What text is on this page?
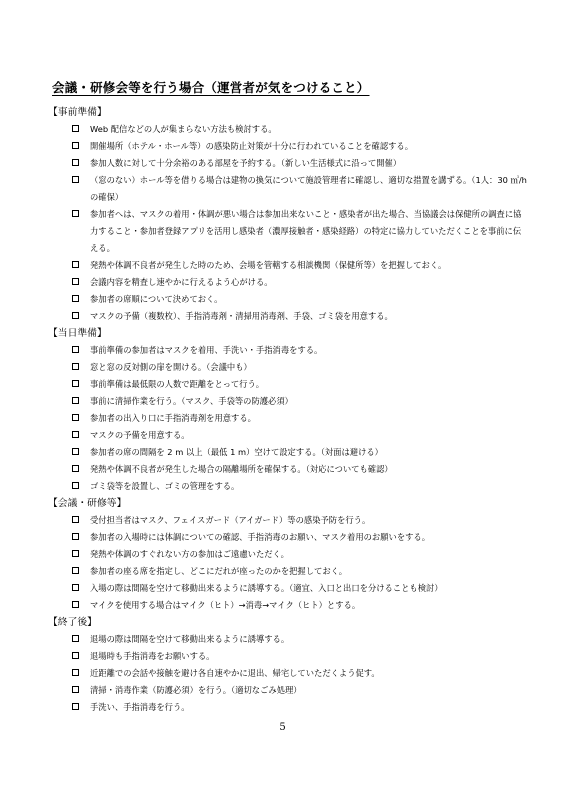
会議・研修会等を行う場合（運営者が気をつけること）
【事前準備】
Web 配信などの人が集まらない方法も検討する。
開催場所（ホテル・ホール等）の感染防止対策が十分に行われていることを確認する。
参加人数に対して十分余裕のある部屋を予約する。（新しい生活様式に沿って開催）
（窓のない）ホール等を借りる場合は建物の換気について施設管理者に確認し、適切な措置を講ずる。（1人：30 ㎥/h の確保）
参加者へは、マスクの着用・体調が悪い場合は参加出来ないこと・感染者が出た場合、当協議会は保健所の調査に協力すること・参加者登録アプリを活用し感染者（濃厚接触者・感染経路）の特定に協力していただくことを事前に伝える。
発熱や体調不良者が発生した時のため、会場を管轄する相談機関（保健所等）を把握しておく。
会議内容を精査し速やかに行えるよう心がける。
参加者の席順について決めておく。
マスクの予備（複数枚）、手指消毒剤・清掃用消毒剤、手袋、ゴミ袋を用意する。
【当日準備】
事前準備の参加者はマスクを着用、手洗い・手指消毒をする。
窓と窓の反対側の扉を開ける。（会議中も）
事前準備は最低限の人数で距離をとって行う。
事前に清掃作業を行う。（マスク、手袋等の防護必須）
参加者の出入り口に手指消毒剤を用意する。
マスクの予備を用意する。
参加者の席の間隔を 2 m 以上（最低 1 m）空けて設定する。（対面は避ける）
発熱や体調不良者が発生した場合の隔離場所を確保する。（対応についても確認）
ゴミ袋等を設置し、ゴミの管理をする。
【会議・研修等】
受付担当者はマスク、フェイスガード（アイガード）等の感染予防を行う。
参加者の入場時には体調についての確認、手指消毒のお願い、マスク着用のお願いをする。
発熱や体調のすぐれない方の参加はご遠慮いただく。
参加者の座る席を指定し、どこにだれが座ったのかを把握しておく。
入場の際は間隔を空けて移動出来るように誘導する。（適宜、入口と出口を分けることも検討）
マイクを使用する場合はマイク（ヒト）→消毒→マイク（ヒト）とする。
【終了後】
退場の際は間隔を空けて移動出来るように誘導する。
退場時も手指消毒をお願いする。
近距離での会話や接触を避け各自速やかに退出、帰宅していただくよう促す。
清掃・消毒作業（防護必須）を行う。（適切なごみ処理）
手洗い、手指消毒を行う。
5
